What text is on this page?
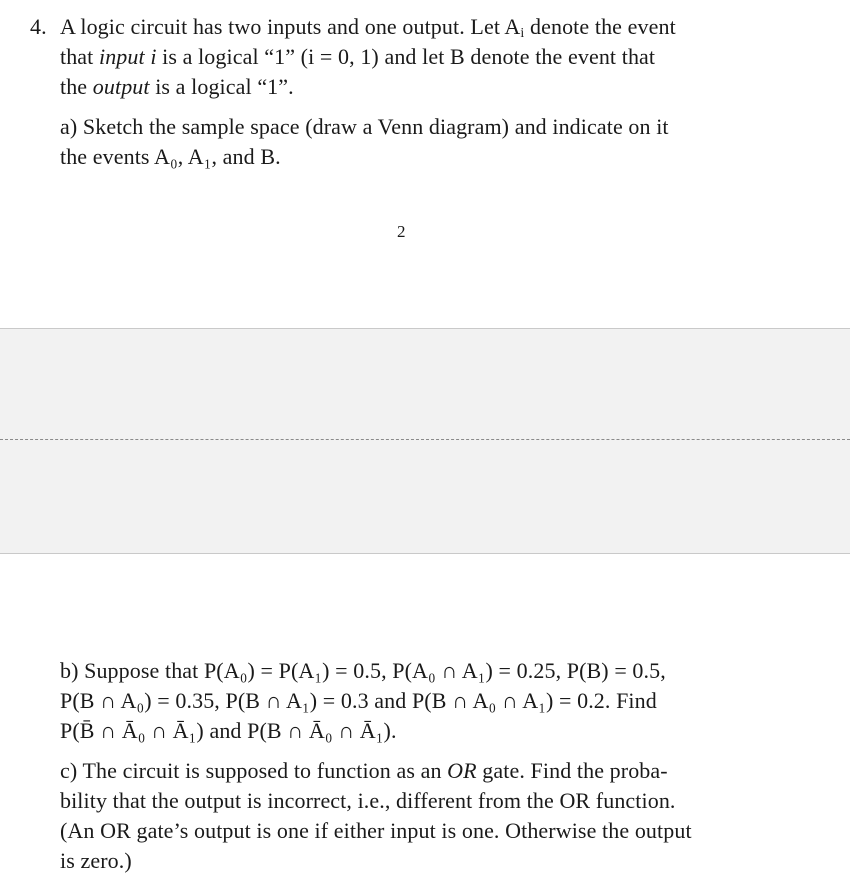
4. A logic circuit has two inputs and one output. Let $A_i$ denote the event
that input i is a logical “1” (i = 0, 1) and let B denote the event that
the output is a logical “1”.
a) Sketch the sample space (draw a Venn diagram) and indicate on it
the events A₀, A₁, and B.
2
b) Suppose that P(A₀) = P(A₁) = 0.5, P(A₀ ∩ A₁) = 0.25, P(B) = 0.5,
P(B ∩ A₀) = 0.35, P(B ∩ A₁) = 0.3 and P(B ∩ A₀ ∩ A₁) = 0.2. Find
P(B̄ ∩ Ā₀ ∩ Ā₁) and P(B ∩ Ā₀ ∩ Ā₁).
c) The circuit is supposed to function as an OR gate. Find the proba-
bility that the output is incorrect, i.e., different from the OR function.
(An OR gate’s output is one if either input is one. Otherwise the output
is zero.)
